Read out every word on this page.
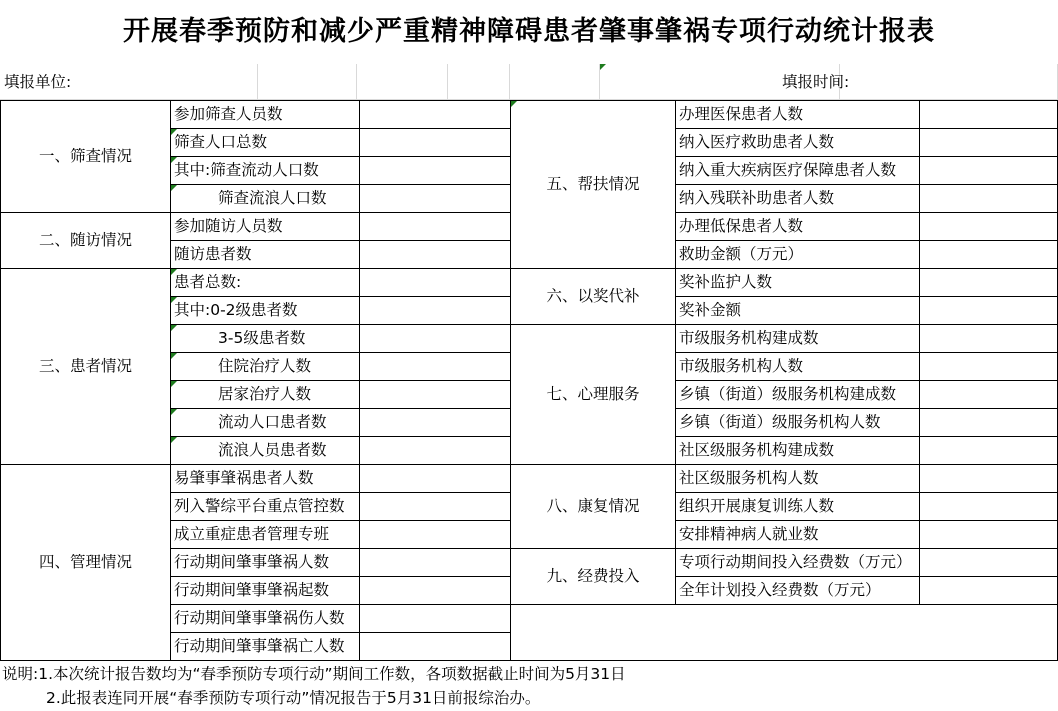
开展春季预防和减少严重精神障碍患者肇事肇祸专项行动统计报表
填报单位:	填报时间:
一、筛查情况
参加筛查人员数
筛查人口总数
其中:筛查流动人口数
筛查流浪人口数
二、随访情况
参加随访人员数
随访患者数
三、患者情况
患者总数:
其中:0-2级患者数
3-5级患者数
住院治疗人数
居家治疗人数
流动人口患者数
流浪人员患者数
四、管理情况
易肇事肇祸患者人数
列入警综平台重点管控数
成立重症患者管理专班
行动期间肇事肇祸人数
行动期间肇事肇祸起数
行动期间肇事肇祸伤人数
行动期间肇事肇祸亡人数
五、帮扶情况
办理医保患者人数
纳入医疗救助患者人数
纳入重大疾病医疗保障患者人数
纳入残联补助患者人数
办理低保患者人数
救助金额（万元）
六、以奖代补
奖补监护人数
奖补金额
七、心理服务
市级服务机构建成数
市级服务机构人数
乡镇（街道）级服务机构建成数
乡镇（街道）级服务机构人数
社区级服务机构建成数
八、康复情况
社区级服务机构人数
组织开展康复训练人数
安排精神病人就业数
九、经费投入
专项行动期间投入经费数（万元）
全年计划投入经费数（万元）
说明:1.本次统计报告数均为“春季预防专项行动”期间工作数，各项数据截止时间为5月31日
2.此报表连同开展“春季预防专项行动”情况报告于5月31日前报综治办。
